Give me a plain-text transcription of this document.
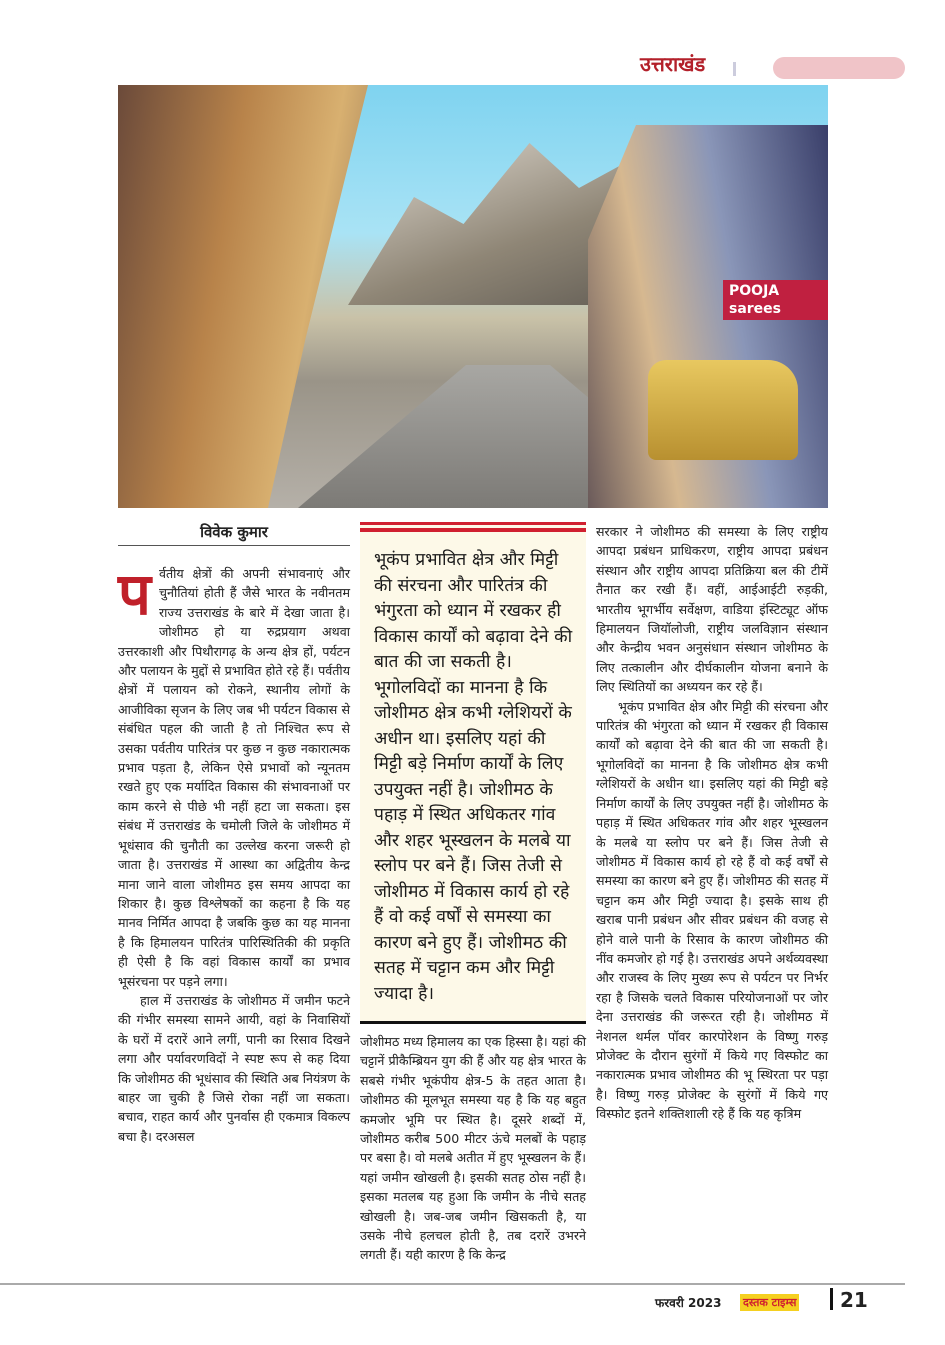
उत्तराखंड
POOJA sarees
विवेक कुमार
प र्वतीय क्षेत्रों की अपनी संभावनाएं और चुनौतियां होती हैं जैसे भारत के नवीनतम राज्य उत्तराखंड के बारे में देखा जाता है। जोशीमठ हो या रुद्रप्रयाग अथवा उत्तरकाशी और पिथौरागढ़ के अन्य क्षेत्र हों, पर्यटन और पलायन के मुद्दों से प्रभावित होते रहे हैं। पर्वतीय क्षेत्रों में पलायन को रोकने, स्थानीय लोगों के आजीविका सृजन के लिए जब भी पर्यटन विकास से संबंधित पहल की जाती है तो निश्चित रूप से उसका पर्वतीय पारितंत्र पर कुछ न कुछ नकारात्मक प्रभाव पड़ता है, लेकिन ऐसे प्रभावों को न्यूनतम रखते हुए एक मर्यादित विकास की संभावनाओं पर काम करने से पीछे भी नहीं हटा जा सकता। इस संबंध में उत्तराखंड के चमोली जिले के जोशीमठ में भूधंसाव की चुनौती का उल्लेख करना जरूरी हो जाता है। उत्तराखंड में आस्था का अद्वितीय केन्द्र माना जाने वाला जोशीमठ इस समय आपदा का शिकार है। कुछ विश्लेषकों का कहना है कि यह मानव निर्मित आपदा है जबकि कुछ का यह मानना है कि हिमालयन पारितंत्र पारिस्थितिकी की प्रकृति ही ऐसी है कि वहां विकास कार्यों का प्रभाव भूसंरचना पर पड़ने लगा।

हाल में उत्तराखंड के जोशीमठ में जमीन फटने की गंभीर समस्या सामने आयी, वहां के निवासियों के घरों में दरारें आने लगीं, पानी का रिसाव दिखने लगा और पर्यावरणविदों ने स्पष्ट रूप से कह दिया कि जोशीमठ की भूधंसाव की स्थिति अब नियंत्रण के बाहर जा चुकी है जिसे रोका नहीं जा सकता। बचाव, राहत कार्य और पुनर्वास ही एकमात्र विकल्प बचा है। दरअसल

भूकंप प्रभावित क्षेत्र और मिट्टी की संरचना और पारितंत्र की भंगुरता को ध्यान में रखकर ही विकास कार्यों को बढ़ावा देने की बात की जा सकती है। भूगोलविदों का मानना है कि जोशीमठ क्षेत्र कभी ग्लेशियरों के अधीन था। इसलिए यहां की मिट्टी बड़े निर्माण कार्यों के लिए उपयुक्त नहीं है। जोशीमठ के पहाड़ में स्थित अधिकतर गांव और शहर भूस्खलन के मलबे या स्लोप पर बने हैं। जिस तेजी से जोशीमठ में विकास कार्य हो रहे हैं वो कई वर्षों से समस्या का कारण बने हुए हैं। जोशीमठ की सतह में चट्टान कम और मिट्टी ज्यादा है।

जोशीमठ मध्य हिमालय का एक हिस्सा है। यहां की चट्टानें प्रीकैम्ब्रियन युग की हैं और यह क्षेत्र भारत के सबसे गंभीर भूकंपीय क्षेत्र-5 के तहत आता है। जोशीमठ की मूलभूत समस्या यह है कि यह बहुत कमजोर भूमि पर स्थित है। दूसरे शब्दों में, जोशीमठ करीब 500 मीटर ऊंचे मलबों के पहाड़ पर बसा है। वो मलबे अतीत में हुए भूस्खलन के हैं। यहां जमीन खोखली है। इसकी सतह ठोस नहीं है। इसका मतलब यह हुआ कि जमीन के नीचे सतह खोखली है। जब-जब जमीन खिसकती है, या उसके नीचे हलचल होती है, तब दरारें उभरने लगती हैं। यही कारण है कि केन्द्र

सरकार ने जोशीमठ की समस्या के लिए राष्ट्रीय आपदा प्रबंधन प्राधिकरण, राष्ट्रीय आपदा प्रबंधन संस्थान और राष्ट्रीय आपदा प्रतिक्रिया बल की टीमें तैनात कर रखी हैं। वहीं, आईआईटी रुड़की, भारतीय भूगर्भीय सर्वेक्षण, वाडिया इंस्टिट्यूट ऑफ हिमालयन जियॉलोजी, राष्ट्रीय जलविज्ञान संस्थान और केन्द्रीय भवन अनुसंधान संस्थान जोशीमठ के लिए तत्कालीन और दीर्घकालीन योजना बनाने के लिए स्थितियों का अध्ययन कर रहे हैं।

भूकंप प्रभावित क्षेत्र और मिट्टी की संरचना और पारितंत्र की भंगुरता को ध्यान में रखकर ही विकास कार्यों को बढ़ावा देने की बात की जा सकती है। भूगोलविदों का मानना है कि जोशीमठ क्षेत्र कभी ग्लेशियरों के अधीन था। इसलिए यहां की मिट्टी बड़े निर्माण कार्यों के लिए उपयुक्त नहीं है। जोशीमठ के पहाड़ में स्थित अधिकतर गांव और शहर भूस्खलन के मलबे या स्लोप पर बने हैं। जिस तेजी से जोशीमठ में विकास कार्य हो रहे हैं वो कई वर्षों से समस्या का कारण बने हुए हैं। जोशीमठ की सतह में चट्टान कम और मिट्टी ज्यादा है। इसके साथ ही खराब पानी प्रबंधन और सीवर प्रबंधन की वजह से होने वाले पानी के रिसाव के कारण जोशीमठ की नींव कमजोर हो गई है। उत्तराखंड अपने अर्थव्यवस्था और राजस्व के लिए मुख्य रूप से पर्यटन पर निर्भर रहा है जिसके चलते विकास परियोजनाओं पर जोर देना उत्तराखंड की जरूरत रही है। जोशीमठ में नेशनल थर्मल पॉवर कारपोरेशन के विष्णु गरुड़ प्रोजेक्ट के दौरान सुरंगों में किये गए विस्फोट का नकारात्मक प्रभाव जोशीमठ की भू स्थिरता पर पड़ा है। विष्णु गरुड़ प्रोजेक्ट के सुरंगों में किये गए विस्फोट इतने शक्तिशाली रहे हैं कि यह कृत्रिम

फरवरी 2023 दस्तक टाइम्स 21
